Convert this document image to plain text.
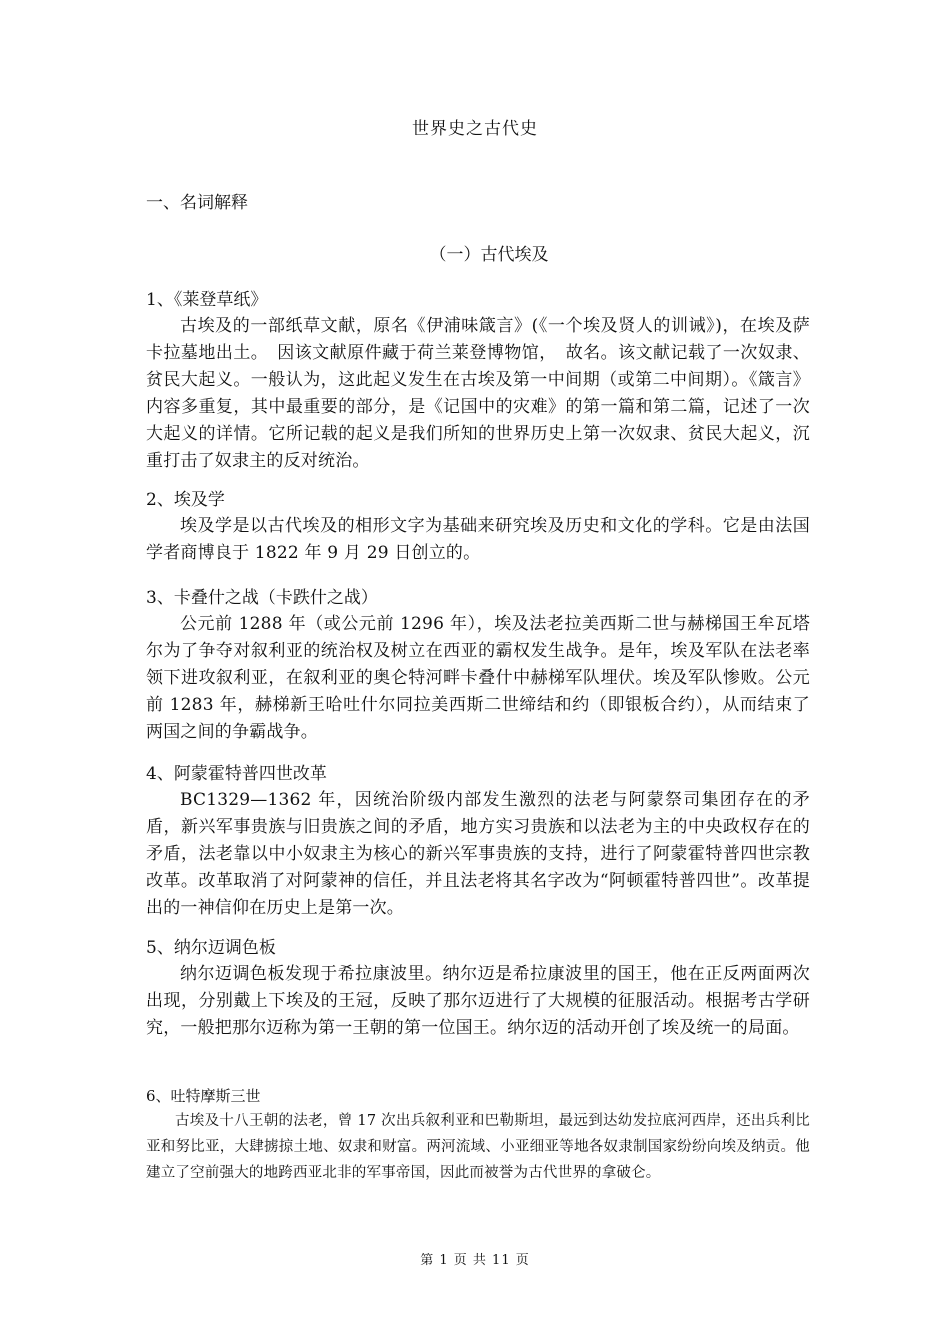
世界史之古代史
一、名词解释
（一）古代埃及

1、《莱登草纸》

古埃及的一部纸草文献，原名《伊浦味箴言》(《一个埃及贤人的训诫》)，在埃及萨卡拉墓地出土。　因该文献原件藏于荷兰莱登博物馆，　故名。该文献记载了一次奴隶、贫民大起义。一般认为，这此起义发生在古埃及第一中间期（或第二中间期）。《箴言》内容多重复，其中最重要的部分，是《记国中的灾难》的第一篇和第二篇，记述了一次大起义的详情。它所记载的起义是我们所知的世界历史上第一次奴隶、贫民大起义，沉重打击了奴隶主的反对统治。

2、埃及学

埃及学是以古代埃及的相形文字为基础来研究埃及历史和文化的学科。它是由法国学者商博良于 1822 年 9 月 29 日创立的。

3、卡叠什之战（卡跌什之战）

公元前 1288 年（或公元前 1296 年），埃及法老拉美西斯二世与赫梯国王牟瓦塔尔为了争夺对叙利亚的统治权及树立在西亚的霸权发生战争。是年，埃及军队在法老率领下进攻叙利亚，在叙利亚的奥仑特河畔卡叠什中赫梯军队埋伏。埃及军队惨败。公元前 1283 年，赫梯新王哈吐什尔同拉美西斯二世缔结和约（即银板合约），从而结束了两国之间的争霸战争。

4、阿蒙霍特普四世改革

BC1329—1362 年，因统治阶级内部发生激烈的法老与阿蒙祭司集团存在的矛盾，新兴军事贵族与旧贵族之间的矛盾，地方实习贵族和以法老为主的中央政权存在的矛盾，法老靠以中小奴隶主为核心的新兴军事贵族的支持，进行了阿蒙霍特普四世宗教改革。改革取消了对阿蒙神的信任，并且法老将其名字改为“阿顿霍特普四世”。改革提出的一神信仰在历史上是第一次。

5、纳尔迈调色板

纳尔迈调色板发现于希拉康波里。纳尔迈是希拉康波里的国王，他在正反两面两次出现，分别戴上下埃及的王冠，反映了那尔迈进行了大规模的征服活动。根据考古学研究，一般把那尔迈称为第一王朝的第一位国王。纳尔迈的活动开创了埃及统一的局面。

6、吐特摩斯三世

古埃及十八王朝的法老，曾 17 次出兵叙利亚和巴勒斯坦，最远到达幼发拉底河西岸，还出兵利比亚和努比亚，大肆掳掠土地、奴隶和财富。两河流域、小亚细亚等地各奴隶制国家纷纷向埃及纳贡。他建立了空前强大的地跨西亚北非的军事帝国，因此而被誉为古代世界的拿破仑。

第 1 页 共 11 页
